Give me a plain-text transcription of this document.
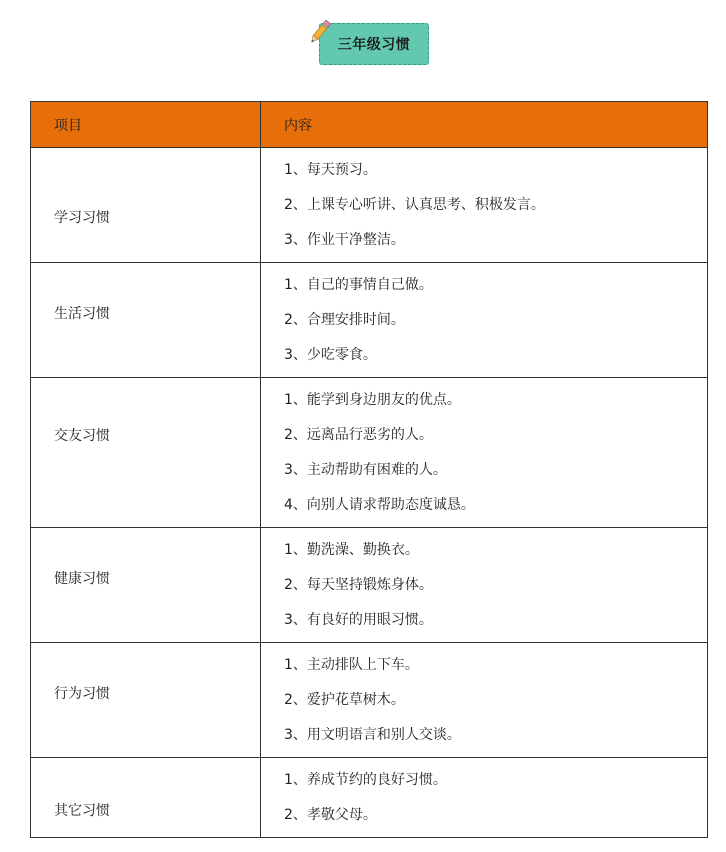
三年级习惯
项目	内容

学习习惯	1、每天预习。
2、上课专心听讲、认真思考、积极发言。
3、作业干净整洁。

生活习惯	1、自己的事情自己做。
2、合理安排时间。
3、少吃零食。

交友习惯	1、能学到身边朋友的优点。
2、远离品行恶劣的人。
3、主动帮助有困难的人。
4、向别人请求帮助态度诚恳。

健康习惯	1、勤洗澡、勤换衣。
2、每天坚持锻炼身体。
3、有良好的用眼习惯。

行为习惯	1、主动排队上下车。
2、爱护花草树木。
3、用文明语言和别人交谈。

其它习惯	1、养成节约的良好习惯。
2、孝敬父母。
